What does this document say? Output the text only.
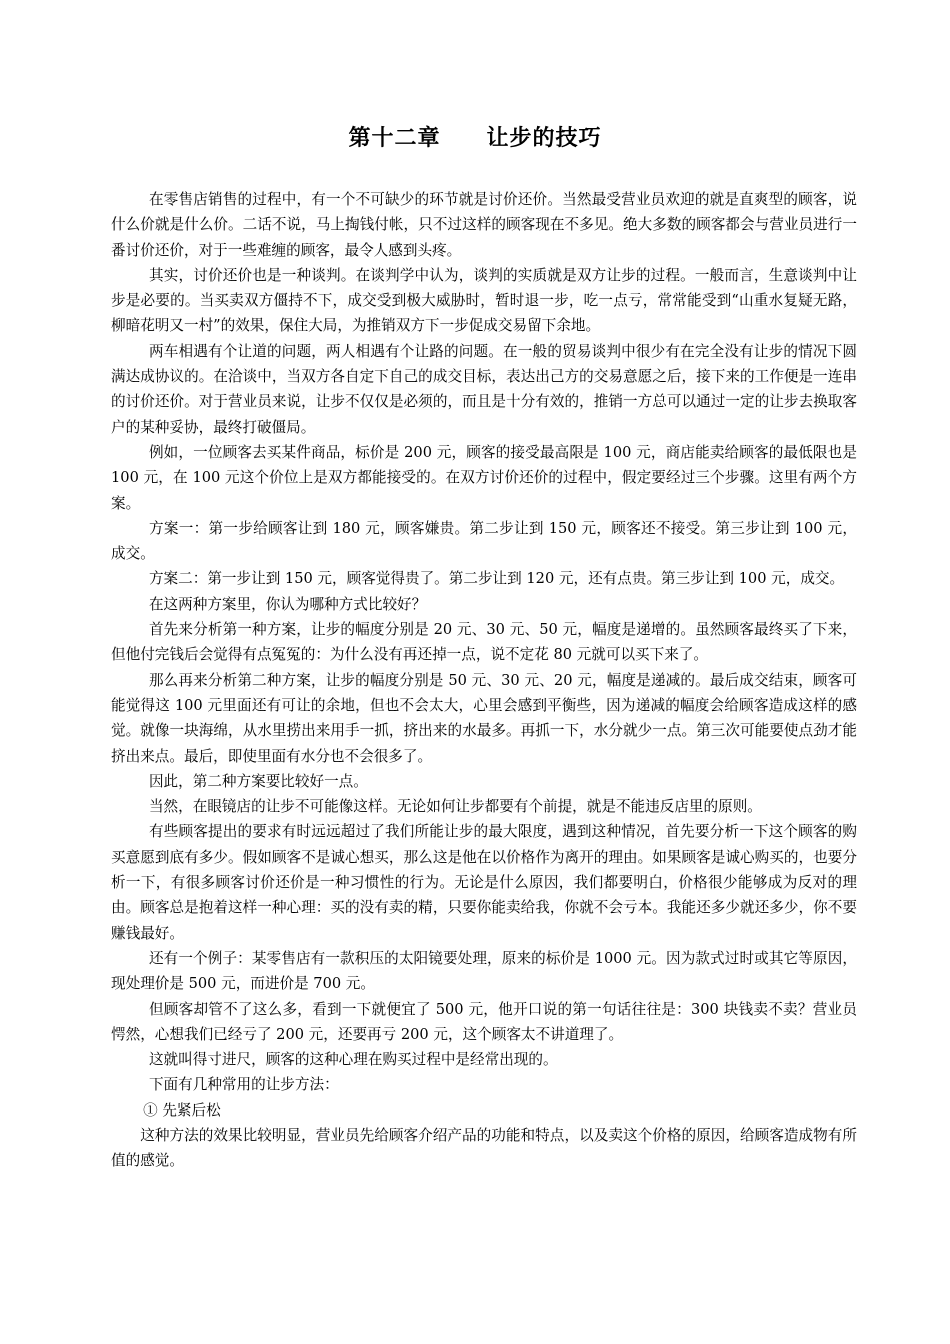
第十二章　　让步的技巧

在零售店销售的过程中，有一个不可缺少的环节就是讨价还价。当然最受营业员欢迎的就是直爽型的顾客，说什么价就是什么价。二话不说，马上掏钱付帐，只不过这样的顾客现在不多见。绝大多数的顾客都会与营业员进行一番讨价还价，对于一些难缠的顾客，最令人感到头疼。

其实，讨价还价也是一种谈判。在谈判学中认为，谈判的实质就是双方让步的过程。一般而言，生意谈判中让步是必要的。当买卖双方僵持不下，成交受到极大威胁时，暂时退一步，吃一点亏，常常能受到“山重水复疑无路，柳暗花明又一村”的效果，保住大局，为推销双方下一步促成交易留下余地。

两车相遇有个让道的问题，两人相遇有个让路的问题。在一般的贸易谈判中很少有在完全没有让步的情况下圆满达成协议的。在洽谈中，当双方各自定下自己的成交目标，表达出己方的交易意愿之后，接下来的工作便是一连串的讨价还价。对于营业员来说，让步不仅仅是必须的，而且是十分有效的，推销一方总可以通过一定的让步去换取客户的某种妥协，最终打破僵局。

例如，一位顾客去买某件商品，标价是 200 元，顾客的接受最高限是 100 元，商店能卖给顾客的最低限也是 100 元，在 100 元这个价位上是双方都能接受的。在双方讨价还价的过程中，假定要经过三个步骤。这里有两个方案。

方案一：第一步给顾客让到 180 元，顾客嫌贵。第二步让到 150 元，顾客还不接受。第三步让到 100 元，成交。

方案二：第一步让到 150 元，顾客觉得贵了。第二步让到 120 元，还有点贵。第三步让到 100 元，成交。

在这两种方案里，你认为哪种方式比较好？

首先来分析第一种方案，让步的幅度分别是 20 元、30 元、50 元，幅度是递增的。虽然顾客最终买了下来，但他付完钱后会觉得有点冤冤的：为什么没有再还掉一点，说不定花 80 元就可以买下来了。

那么再来分析第二种方案，让步的幅度分别是 50 元、30 元、20 元，幅度是递减的。最后成交结束，顾客可能觉得这 100 元里面还有可让的余地，但也不会太大，心里会感到平衡些，因为递减的幅度会给顾客造成这样的感觉。就像一块海绵，从水里捞出来用手一抓，挤出来的水最多。再抓一下，水分就少一点。第三次可能要使点劲才能挤出来点。最后，即使里面有水分也不会很多了。

因此，第二种方案要比较好一点。

当然，在眼镜店的让步不可能像这样。无论如何让步都要有个前提，就是不能违反店里的原则。

有些顾客提出的要求有时远远超过了我们所能让步的最大限度，遇到这种情况，首先要分析一下这个顾客的购买意愿到底有多少。假如顾客不是诚心想买，那么这是他在以价格作为离开的理由。如果顾客是诚心购买的，也要分析一下，有很多顾客讨价还价是一种习惯性的行为。无论是什么原因，我们都要明白，价格很少能够成为反对的理由。顾客总是抱着这样一种心理：买的没有卖的精，只要你能卖给我，你就不会亏本。我能还多少就还多少，你不要赚钱最好。

还有一个例子：某零售店有一款积压的太阳镜要处理，原来的标价是 1000 元。因为款式过时或其它等原因，现处理价是 500 元，而进价是 700 元。

但顾客却管不了这么多，看到一下就便宜了 500 元，他开口说的第一句话往往是：300 块钱卖不卖？营业员愕然，心想我们已经亏了 200 元，还要再亏 200 元，这个顾客太不讲道理了。

这就叫得寸进尺，顾客的这种心理在购买过程中是经常出现的。

下面有几种常用的让步方法：

① 先紧后松

这种方法的效果比较明显，营业员先给顾客介绍产品的功能和特点，以及卖这个价格的原因，给顾客造成物有所值的感觉。
